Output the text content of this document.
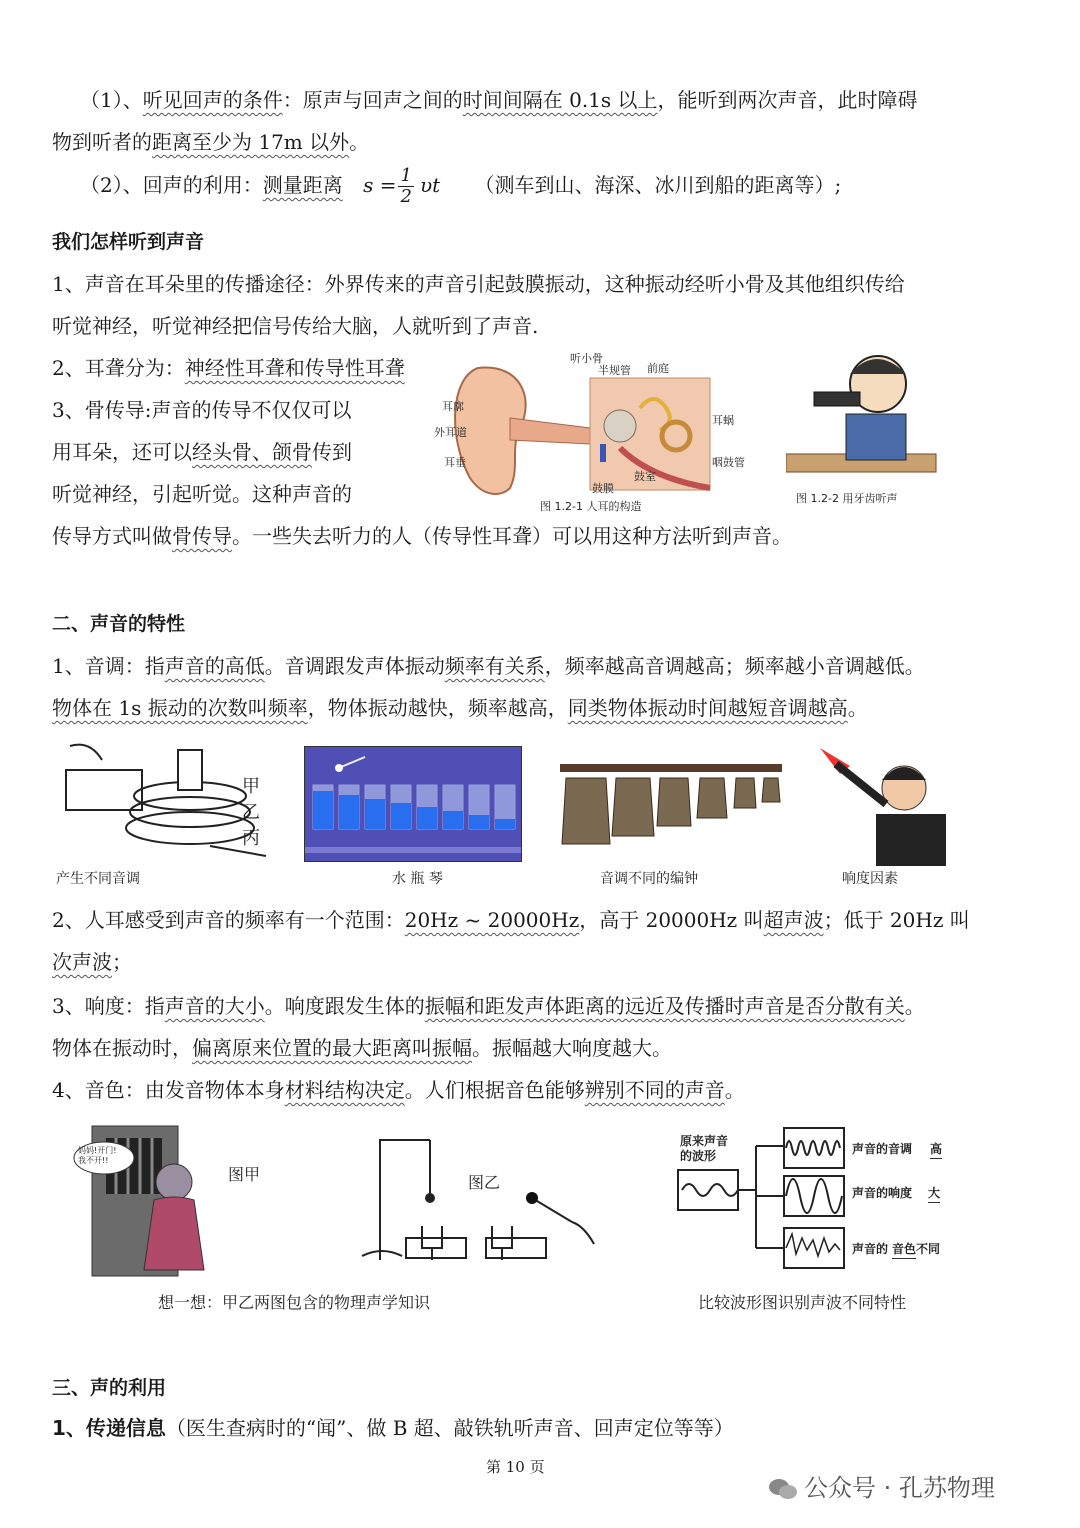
（1）、听见回声的条件：原声与回声之间的时间间隔在 0.1s 以上，能听到两次声音，此时障碍
物到听者的距离至少为 17m 以外。
（2）、回声的利用：测量距离 $s = \frac{1}{2}$ υt （测车到山、海深、冰川到船的距离等）;
我们怎样听到声音
1、声音在耳朵里的传播途径：外界传来的声音引起鼓膜振动，这种振动经听小骨及其他组织传给
听觉神经，听觉神经把信号传给大脑，人就听到了声音.
2、耳聋分为：神经性耳聋和传导性耳聋
3、骨传导:声音的传导不仅仅可以
用耳朵，还可以经头骨、颌骨传到
听觉神经，引起听觉。这种声音的
传导方式叫做骨传导。一些失去听力的人（传导性耳聋）可以用这种方法听到声音。
听小骨
半规管 前庭
耳廓
外耳道
耳蜗
耳垂	咽鼓管
鼓室
鼓膜
图 1.2-1 人耳的构造
图 1.2-2 用牙齿听声
二、声音的特性
1、音调：指声音的高低。音调跟发声体振动频率有关系，频率越高音调越高；频率越小音调越低。
物体在 1s 振动的次数叫频率，物体振动越快，频率越高，同类物体振动时间越短音调越高。
甲
乙
丙
产生不同音调	水 瓶 琴	音调不同的编钟	响度因素
2、人耳感受到声音的频率有一个范围：20Hz ~ 20000Hz，高于 20000Hz 叫超声波；低于 20Hz 叫
次声波；
3、响度：指声音的大小。响度跟发生体的振幅和距发声体距离的远近及传播时声音是否分散有关。
物体在振动时，偏离原来位置的最大距离叫振幅。振幅越大响度越大。
4、音色：由发音物体本身材料结构决定。人们根据音色能够辨别不同的声音。
妈妈!开门!
我不开!!
图甲	图乙
想一想：甲乙两图包含的物理声学知识
原来声音
的波形	声音的音调 高
声音的响度 大
声音的 音色不同
比较波形图识别声波不同特性
三、声的利用
1、传递信息（医生查病时的“闻”、做 B 超、敲铁轨听声音、回声定位等等）
第 10 页
公众号 · 孔苏物理
